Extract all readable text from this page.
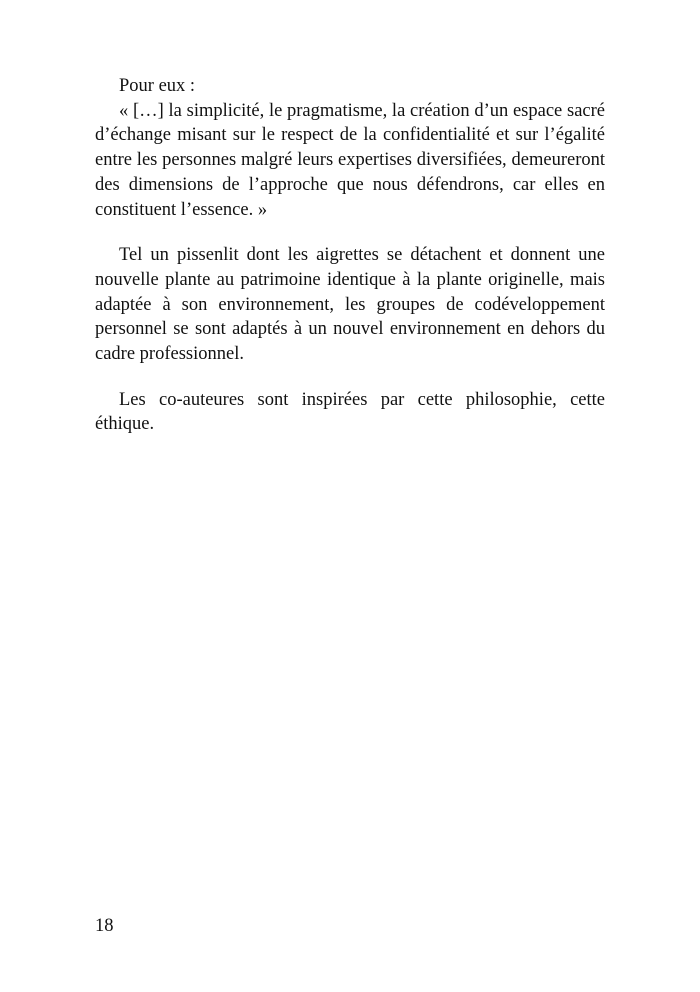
Pour eux :

« […] la simplicité, le pragmatisme, la création d’un espace sacré d’échange misant sur le respect de la confidentialité et sur l’égalité entre les personnes malgré leurs expertises diversifiées, demeureront des dimensions de l’approche que nous défendrons, car elles en constituent l’essence. »

Tel un pissenlit dont les aigrettes se détachent et donnent une nouvelle plante au patrimoine identique à la plante originelle, mais adaptée à son environnement, les groupes de codéveloppement personnel se sont adaptés à un nouvel environnement en dehors du cadre professionnel.

Les co-auteures sont inspirées par cette philosophie, cette éthique.

18
